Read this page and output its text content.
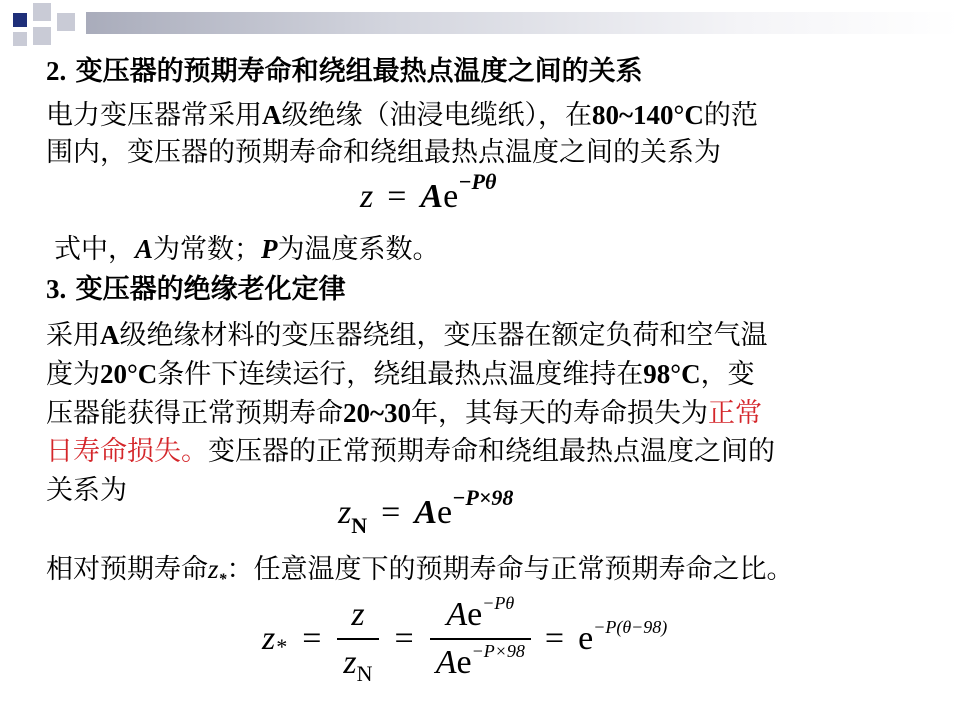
2. 变压器的预期寿命和绕组最热点温度之间的关系
电力变压器常采用A级绝缘（油浸电缆纸），在80~140°C的范
围内，变压器的预期寿命和绕组最热点温度之间的关系为
z = Ae−Pθ
式中，A为常数；P为温度系数。
3. 变压器的绝缘老化定律
采用A级绝缘材料的变压器绕组，变压器在额定负荷和空气温
度为20°C条件下连续运行，绕组最热点温度维持在98°C，变
压器能获得正常预期寿命20~30年，其每天的寿命损失为正常
日寿命损失。变压器的正常预期寿命和绕组最热点温度之间的
关系为
zN = Ae−P×98
相对预期寿命$z_*$：任意温度下的预期寿命与正常预期寿命之比。
$z* = \frac{z}{zN} = \frac{Ae-P\theta}{Ae-P\times 98} = e-P(\theta-98)$
